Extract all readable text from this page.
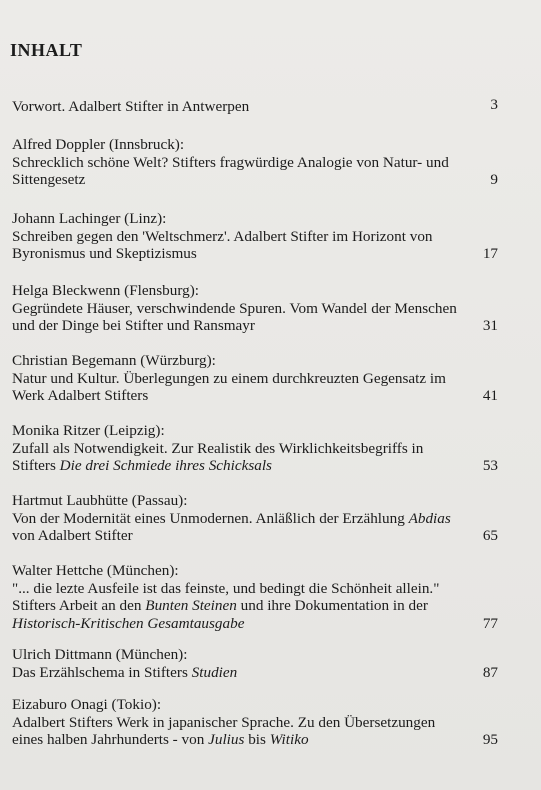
INHALT
Vorwort. Adalbert Stifter in Antwerpen	3
Alfred Doppler (Innsbruck):
Schrecklich schöne Welt? Stifters fragwürdige Analogie von Natur- und
Sittengesetz	9
Johann Lachinger (Linz):
Schreiben gegen den 'Weltschmerz'. Adalbert Stifter im Horizont von
Byronismus und Skeptizismus	17
Helga Bleckwenn (Flensburg):
Gegründete Häuser, verschwindende Spuren. Vom Wandel der Menschen
und der Dinge bei Stifter und Ransmayr	31
Christian Begemann (Würzburg):
Natur und Kultur. Überlegungen zu einem durchkreuzten Gegensatz im
Werk Adalbert Stifters	41
Monika Ritzer (Leipzig):
Zufall als Notwendigkeit. Zur Realistik des Wirklichkeitsbegriffs in
Stifters Die drei Schmiede ihres Schicksals	53
Hartmut Laubhütte (Passau):
Von der Modernität eines Unmodernen. Anläßlich der Erzählung Abdias
von Adalbert Stifter	65
Walter Hettche (München):
"... die lezte Ausfeile ist das feinste, und bedingt die Schönheit allein."
Stifters Arbeit an den Bunten Steinen und ihre Dokumentation in der
Historisch-Kritischen Gesamtausgabe	77
Ulrich Dittmann (München):
Das Erzählschema in Stifters Studien	87
Eizaburo Onagi (Tokio):
Adalbert Stifters Werk in japanischer Sprache. Zu den Übersetzungen
eines halben Jahrhunderts - von Julius bis Witiko	95
